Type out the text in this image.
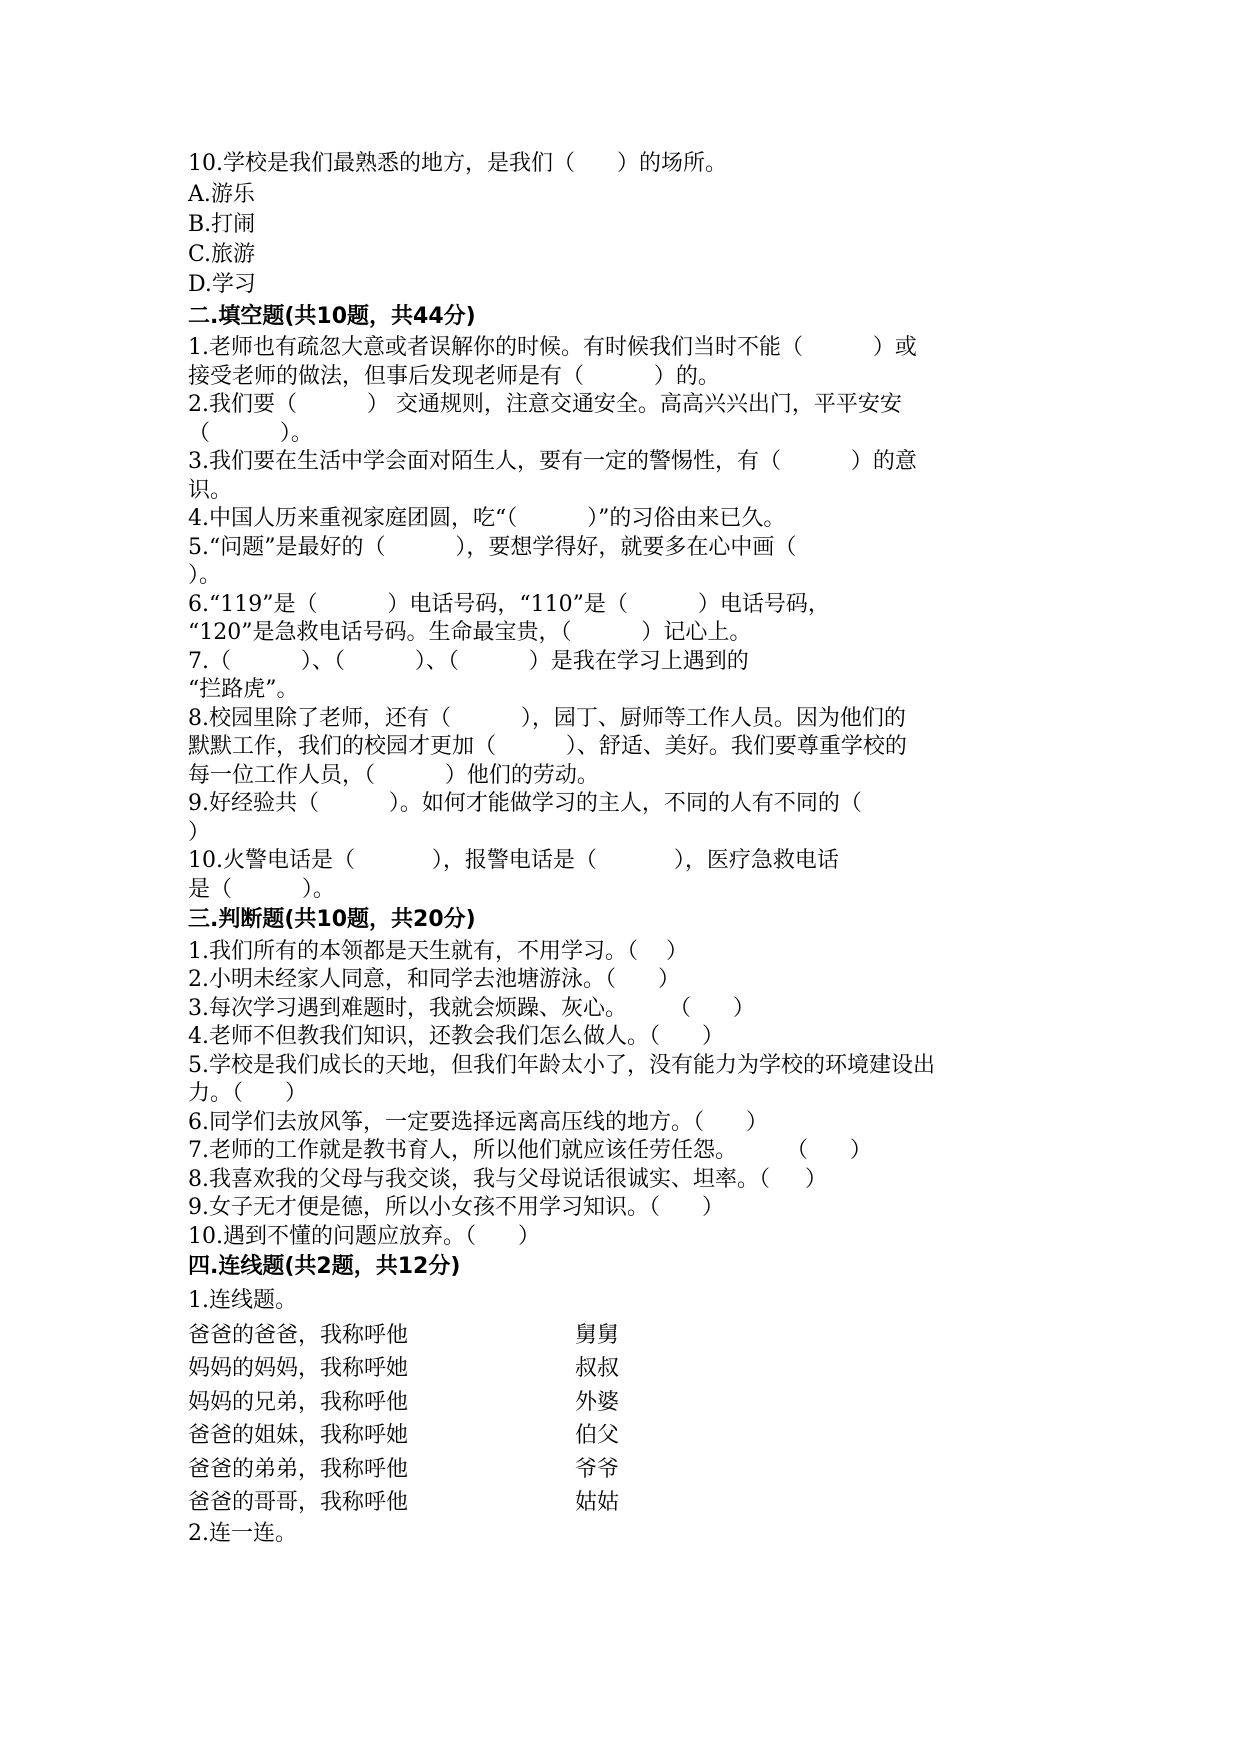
10.学校是我们最熟悉的地方，是我们（      ）的场所。
A.游乐
B.打闹
C.旅游
D.学习
二.填空题(共10题，共44分)
1.老师也有疏忽大意或者误解你的时候。有时候我们当时不能（          ）或
接受老师的做法，但事后发现老师是有（          ）的。
2.我们要（          ） 交通规则，注意交通安全。高高兴兴出门，平平安安
（          ）。
3.我们要在生活中学会面对陌生人，要有一定的警惕性，有（          ）的意
识。
4.中国人历来重视家庭团圆，吃“（          ）”的习俗由来已久。
5.“问题”是最好的（          ），要想学得好，就要多在心中画（
）。
6.“119”是（          ）电话号码，“110”是（          ）电话号码，
“120”是急救电话号码。生命最宝贵，（          ）记心上。
7.（          ）、（          ）、（          ）是我在学习上遇到的
“拦路虎”。
8.校园里除了老师，还有（          ），园丁、厨师等工作人员。因为他们的
默默工作，我们的校园才更加（          ）、舒适、美好。我们要尊重学校的
每一位工作人员，（          ）他们的劳动。
9.好经验共（          ）。如何才能做学习的主人，不同的人有不同的（
）
10.火警电话是（           ），报警电话是（           ），医疗急救电话
是（          ）。
三.判断题(共10题，共20分)
1.我们所有的本领都是天生就有，不用学习。（    ）
2.小明未经家人同意，和同学去池塘游泳。（      ）
3.每次学习遇到难题时，我就会烦躁、灰心。      （      ）
4.老师不但教我们知识，还教会我们怎么做人。（      ）
5.学校是我们成长的天地，但我们年龄太小了，没有能力为学校的环境建设出
力。（      ）
6.同学们去放风筝，一定要选择远离高压线的地方。（      ）
7.老师的工作就是教书育人，所以他们就应该任劳任怨。       （      ）
8.我喜欢我的父母与我交谈，我与父母说话很诚实、坦率。（     ）
9.女子无才便是德，所以小女孩不用学习知识。（      ）
10.遇到不懂的问题应放弃。（      ）
四.连线题(共2题，共12分)
1.连线题。
爸爸的爸爸，我称呼他	舅舅
妈妈的妈妈，我称呼她	叔叔
妈妈的兄弟，我称呼他	外婆
爸爸的姐妹，我称呼她	伯父
爸爸的弟弟，我称呼他	爷爷
爸爸的哥哥，我称呼他	姑姑
2.连一连。
